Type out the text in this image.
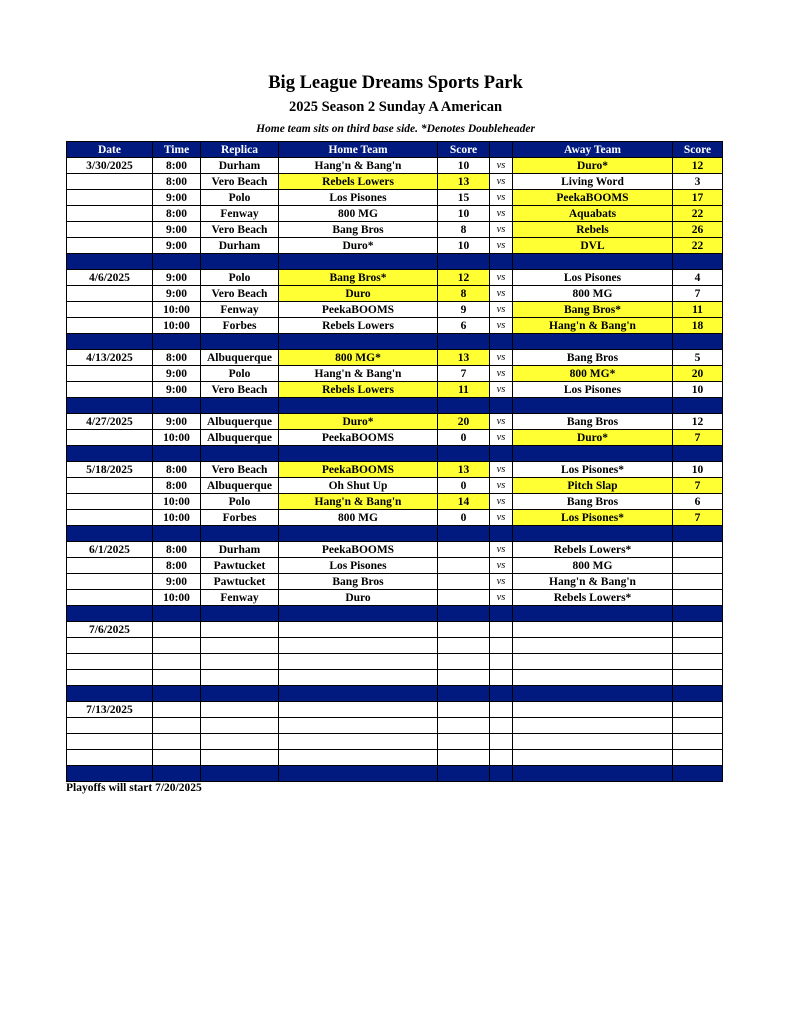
Big League Dreams Sports Park
2025 Season 2 Sunday A American
Home team sits on third base side. *Denotes Doubleheader
Date	Time	Replica	Home Team	Score		Away Team	Score
3/30/2025	8:00	Durham	Hang'n & Bang'n	10	vs	Duro*	12
	8:00	Vero Beach	Rebels Lowers	13	vs	Living Word	3
	9:00	Polo	Los Pisones	15	vs	PeekaBOOMS	17
	8:00	Fenway	800 MG	10	vs	Aquabats	22
	9:00	Vero Beach	Bang Bros	8	vs	Rebels	26
	9:00	Durham	Duro*	10	vs	DVL	22

4/6/2025	9:00	Polo	Bang Bros*	12	vs	Los Pisones	4
	9:00	Vero Beach	Duro	8	vs	800 MG	7
	10:00	Fenway	PeekaBOOMS	9	vs	Bang Bros*	11
	10:00	Forbes	Rebels Lowers	6	vs	Hang'n & Bang'n	18

4/13/2025	8:00	Albuquerque	800 MG*	13	vs	Bang Bros	5
	9:00	Polo	Hang'n & Bang'n	7	vs	800 MG*	20
	9:00	Vero Beach	Rebels Lowers	11	vs	Los Pisones	10

4/27/2025	9:00	Albuquerque	Duro*	20	vs	Bang Bros	12
	10:00	Albuquerque	PeekaBOOMS	0	vs	Duro*	7

5/18/2025	8:00	Vero Beach	PeekaBOOMS	13	vs	Los Pisones*	10
	8:00	Albuquerque	Oh Shut Up	0	vs	Pitch Slap	7
	10:00	Polo	Hang'n & Bang'n	14	vs	Bang Bros	6
	10:00	Forbes	800 MG	0	vs	Los Pisones*	7

6/1/2025	8:00	Durham	PeekaBOOMS		vs	Rebels Lowers*	
	8:00	Pawtucket	Los Pisones		vs	800 MG	
	9:00	Pawtucket	Bang Bros		vs	Hang'n & Bang'n	
	10:00	Fenway	Duro		vs	Rebels Lowers*	

7/6/2025							

7/13/2025							

Playoffs will start 7/20/2025
